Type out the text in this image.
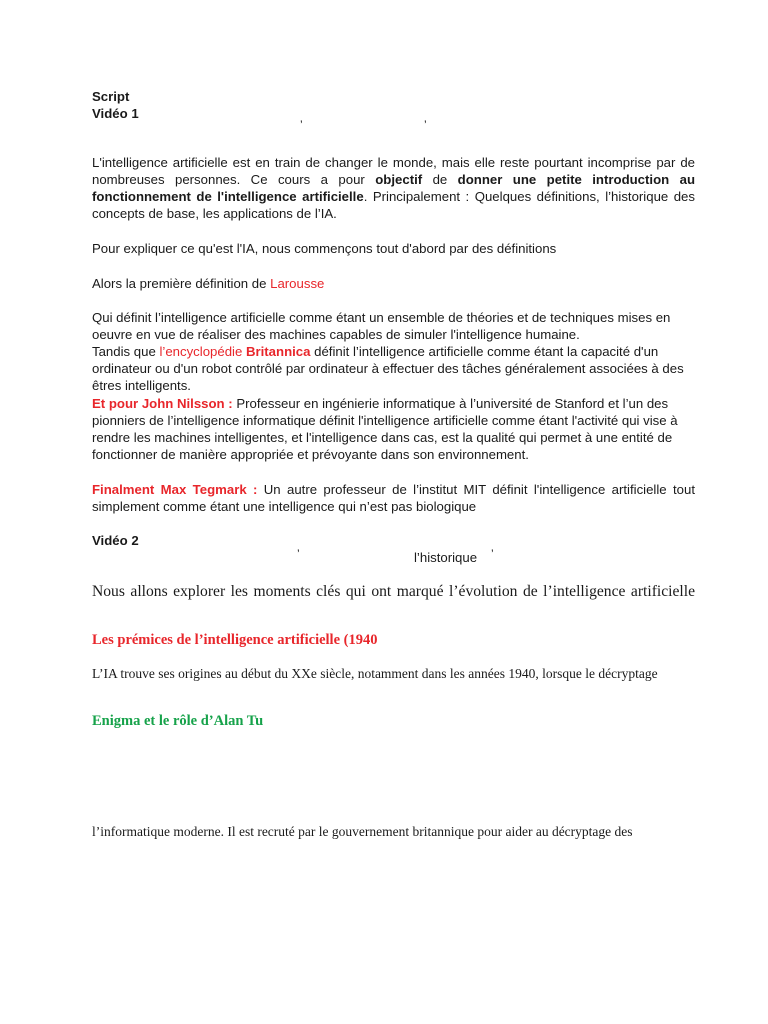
Script

Vidéo 1

’	’

L'intelligence artificielle est en train de changer le monde, mais elle reste pourtant incomprise par de nombreuses personnes. Ce cours a pour objectif de donner une petite introduction au fonctionnement de l'intelligence artificielle. Principalement : Quelques définitions, l’historique des concepts de base, les applications de l’IA.

Pour expliquer ce qu'est l'IA, nous commençons tout d'abord par des définitions

Alors la première définition de Larousse

Qui définit l’intelligence artificielle comme étant un ensemble de théories et de techniques mises en oeuvre en vue de réaliser des machines capables de simuler l'intelligence humaine.

Tandis que l’encyclopédie Britannica définit l’intelligence artificielle comme étant la capacité d'un ordinateur ou d'un robot contrôlé par ordinateur à effectuer des tâches généralement associées à des êtres intelligents.

Et pour John Nilsson : Professeur en ingénierie informatique à l’université de Stanford et l’un des pionniers de l’intelligence informatique définit l'intelligence artificielle comme étant l'activité qui vise à rendre les machines intelligentes, et l'intelligence dans cas, est la qualité qui permet à une entité de fonctionner de manière appropriée et prévoyante dans son environnement.

Finalment Max Tegmark : Un autre professeur de l’institut MIT définit l'intelligence artificielle tout simplement comme étant une intelligence qui n’est pas biologique

Vidéo 2

’	l’historique ’

Nous allons explorer les moments clés qui ont marqué l’évolution de l’intelligence artificielle

Les prémices de l’intelligence artificielle (1940

L’IA trouve ses origines au début du XXe siècle, notamment dans les années 1940, lorsque le décryptage

Enigma et le rôle d’Alan Tu

l’informatique moderne. Il est recruté par le gouvernement britannique pour aider au décryptage des
